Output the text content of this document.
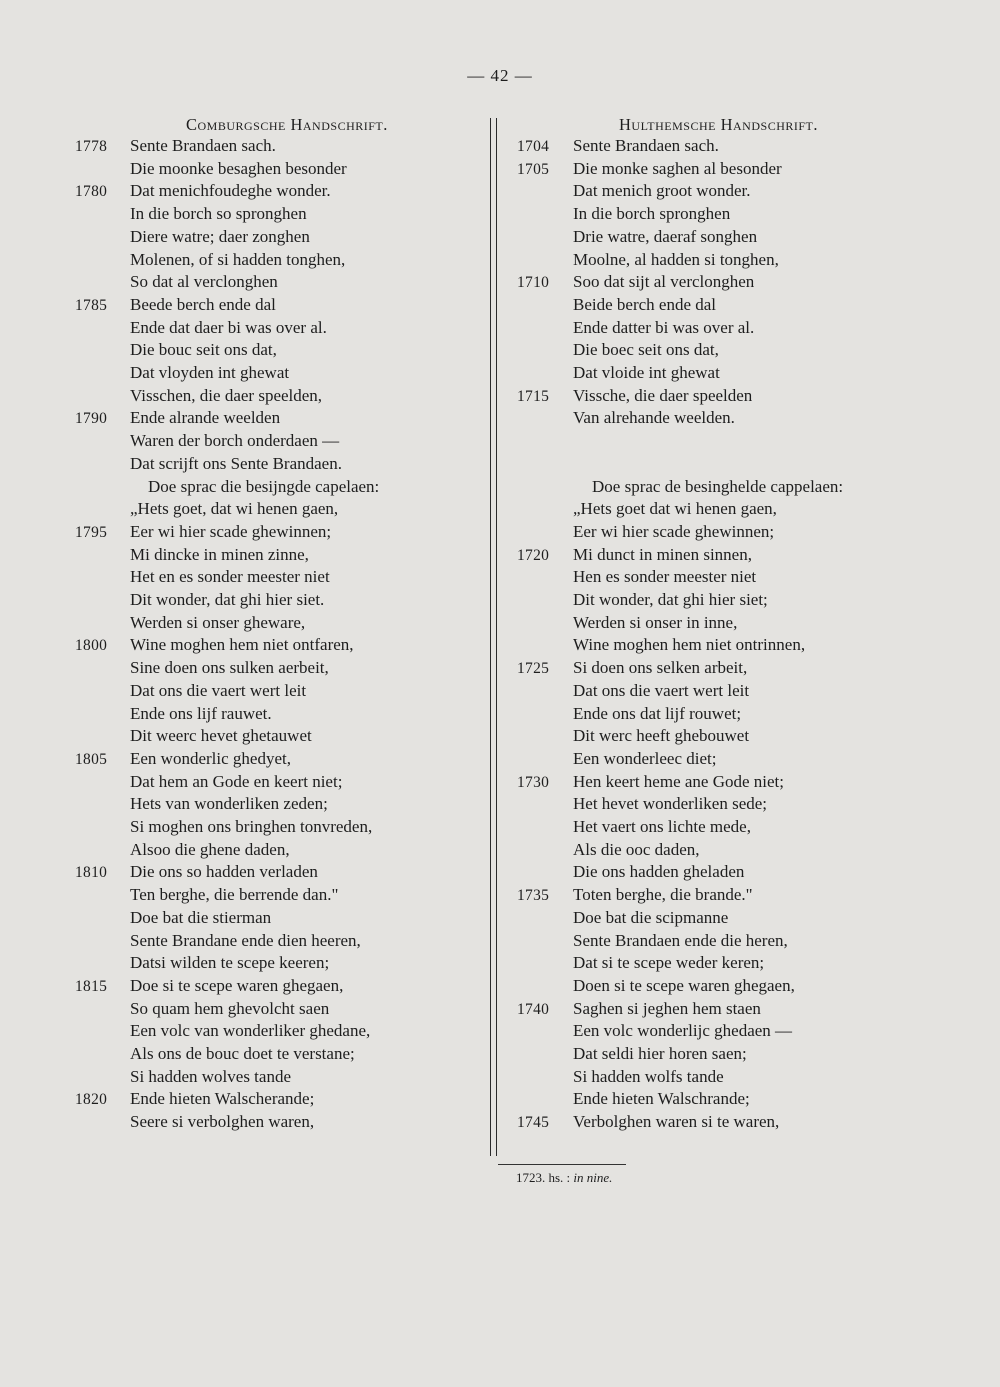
— 42 —
Comburgsche Handschrift.	Hulthemsche Handschrift.
1778 Sente Brandaen sach.
Die moonke besaghen besonder
1780 Dat menichfoudeghe wonder.
In die borch so spronghen
Diere watre; daer zonghen
Molenen, of si hadden tonghen,
So dat al verclonghen
1785 Beede berch ende dal
Ende dat daer bi was over al.
Die bouc seit ons dat,
Dat vloyden int ghewat
Visschen, die daer speelden,
1790 Ende alrande weelden
Waren der borch onderdaen —
Dat scrijft ons Sente Brandaen.
Doe sprac die besijngde capelaen:
„Hets goet, dat wi henen gaen,
1795 Eer wi hier scade ghewinnen;
Mi dincke in minen zinne,
Het en es sonder meester niet
Dit wonder, dat ghi hier siet.
Werden si onser gheware,
1800 Wine moghen hem niet ontfaren,
Sine doen ons sulken aerbeit,
Dat ons die vaert wert leit
Ende ons lijf rauwet.
Dit weerc hevet ghetauwet
1805 Een wonderlic ghedyet,
Dat hem an Gode en keert niet;
Hets van wonderliken zeden;
Si moghen ons bringhen tonvreden,
Alsoo die ghene daden,
1810 Die ons so hadden verladen
Ten berghe, die berrende dan."
Doe bat die stierman
Sente Brandane ende dien heeren,
Datsi wilden te scepe keeren;
1815 Doe si te scepe waren ghegaen,
So quam hem ghevolcht saen
Een volc van wonderliker ghedane,
Als ons de bouc doet te verstane;
Si hadden wolves tande
1820 Ende hieten Walscherande;
Seere si verbolghen waren,
1704 Sente Brandaen sach.
1705 Die monke saghen al besonder
Dat menich groot wonder.
In die borch spronghen
Drie watre, daeraf songhen
Moolne, al hadden si tonghen,
1710 Soo dat sijt al verclonghen
Beide berch ende dal
Ende datter bi was over al.
Die boec seit ons dat,
Dat vloide int ghewat
1715 Vissche, die daer speelden
Van alrehande weelden.
Doe sprac de besinghelde cappelaen:
„Hets goet dat wi henen gaen,
Eer wi hier scade ghewinnen;
1720 Mi dunct in minen sinnen,
Hen es sonder meester niet
Dit wonder, dat ghi hier siet;
Werden si onser in inne,
Wine moghen hem niet ontrinnen,
1725 Si doen ons selken arbeit,
Dat ons die vaert wert leit
Ende ons dat lijf rouwet;
Dit werc heeft ghebouwet
Een wonderleec diet;
1730 Hen keert heme ane Gode niet;
Het hevet wonderliken sede;
Het vaert ons lichte mede,
Als die ooc daden,
Die ons hadden gheladen
1735 Toten berghe, die brande."
Doe bat die scipmanne
Sente Brandaen ende die heren,
Dat si te scepe weder keren;
Doen si te scepe waren ghegaen,
1740 Saghen si jeghen hem staen
Een volc wonderlijc ghedaen —
Dat seldi hier horen saen;
Si hadden wolfs tande
Ende hieten Walschrande;
1745 Verbolghen waren si te waren,
1723. hs. : in nine.
